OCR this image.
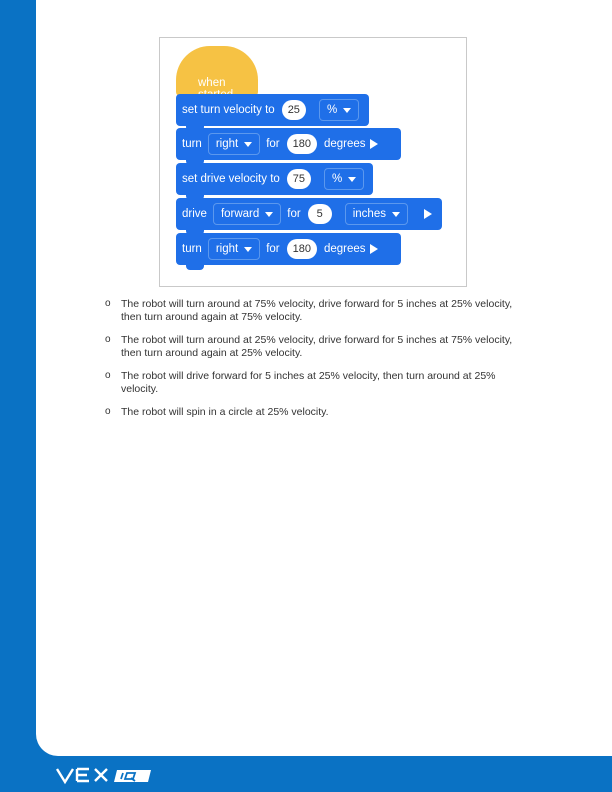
when
set turn velocity to	25	%
turn right for	180	degrees
set drive velocity to	75	%
drive forward for	5	inches
turn right for	180	degrees
o The robot will turn around at 75% velocity, drive forward for 5 inches at 25% velocity, then turn around again at 75% velocity.
o The robot will turn around at 25% velocity, drive forward for 5 inches at 75% velocity, then turn around again at 25% velocity.
o The robot will drive forward for 5 inches at 25% velocity, then turn around at 25% velocity.
o The robot will spin in a circle at 25% velocity.
